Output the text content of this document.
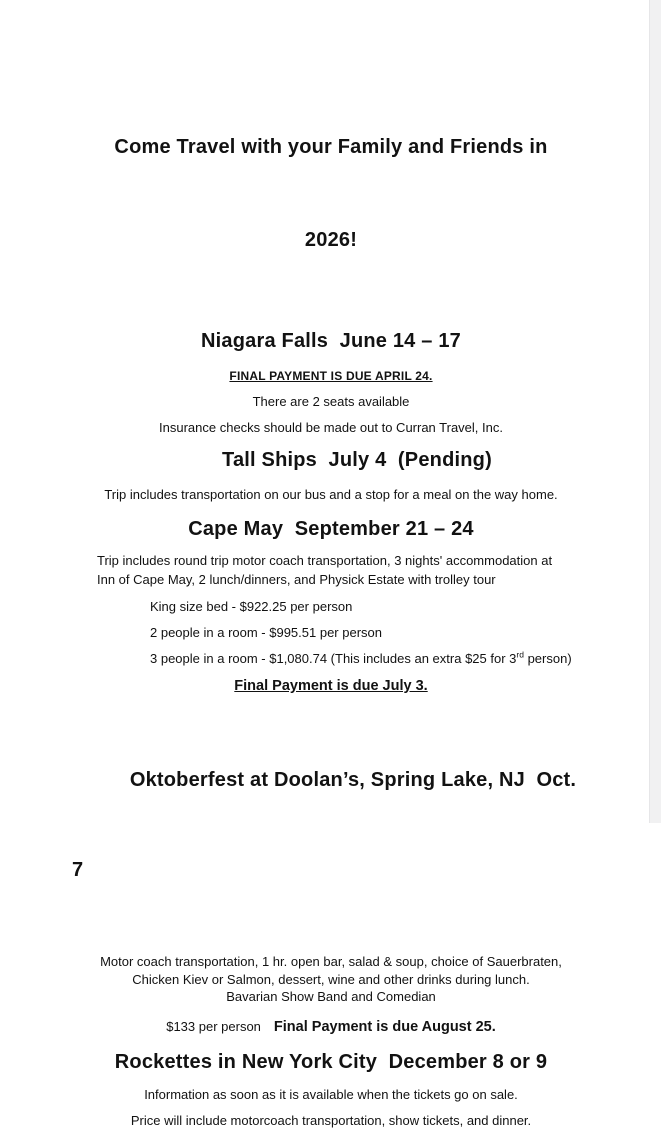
Come Travel with your Family and Friends in

2026!

Niagara Falls  June 14 – 17
FINAL PAYMENT IS DUE APRIL 24.
There are 2 seats available
Insurance checks should be made out to Curran Travel, Inc.
Tall Ships  July 4  (Pending)
Trip includes transportation on our bus and a stop for a meal on the way home.
Cape May  September 21 – 24
Trip includes round trip motor coach transportation, 3 nights' accommodation at
Inn of Cape May, 2 lunch/dinners, and Physick Estate with trolley tour
King size bed - $922.25 per person
2 people in a room - $995.51 per person
3 people in a room - $1,080.74 (This includes an extra $25 for 3rd person)
Final Payment is due July 3.

Oktoberfest at Doolan’s, Spring Lake, NJ  Oct.

7

Motor coach transportation, 1 hr. open bar, salad & soup, choice of Sauerbraten,
Chicken Kiev or Salmon, dessert, wine and other drinks during lunch.
Bavarian Show Band and Comedian
$133 per person Final Payment is due August 25.
Rockettes in New York City  December 8 or 9
Information as soon as it is available when the tickets go on sale.
Price will include motorcoach transportation, show tickets, and dinner.
